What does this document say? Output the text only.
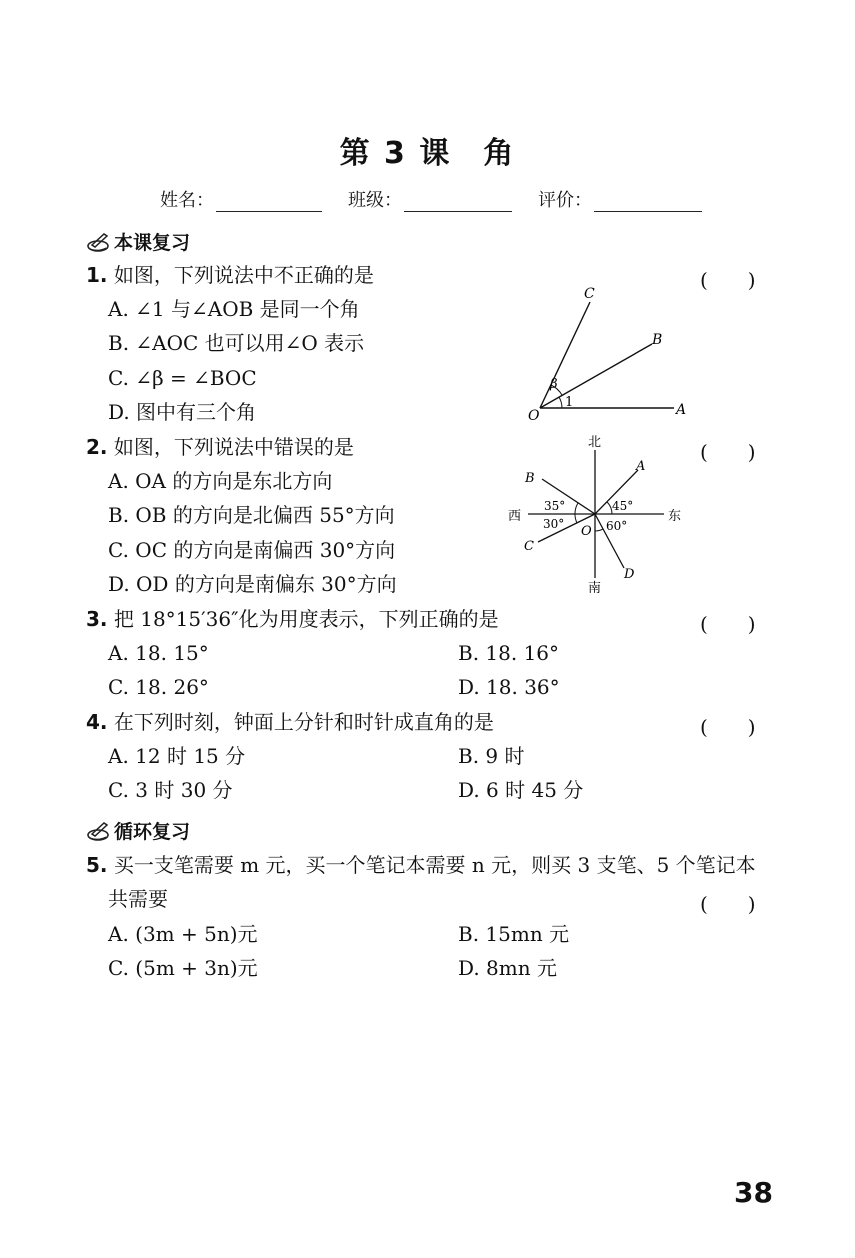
第 3 课　角
姓名：	班级：	评价：
本课复习
1. 如图，下列说法中不正确的是	(　　)
A. ∠1 与∠AOB 是同一个角
B. ∠AOC 也可以用∠O 表示
C. ∠β = ∠BOC
D. 图中有三个角
C
B
O	A
β
1
2. 如图，下列说法中错误的是	(　　)
A. OA 的方向是东北方向
B. OB 的方向是北偏西 55°方向
C. OC 的方向是南偏西 30°方向
D. OD 的方向是南偏东 30°方向
北
南
西	东
A
B
C
D
O
35°	45°
30°	60°
3. 把 18°15′36″化为用度表示，下列正确的是	(　　)
A. 18. 15°	B. 18. 16°
C. 18. 26°	D. 18. 36°
4. 在下列时刻，钟面上分针和时针成直角的是	(　　)
A. 12 时 15 分	B. 9 时
C. 3 时 30 分	D. 6 时 45 分
循环复习
5. 买一支笔需要 m 元，买一个笔记本需要 n 元，则买 3 支笔、5 个笔记本
共需要	(　　)
A. (3m + 5n)元	B. 15mn 元
C. (5m + 3n)元	D. 8mn 元
38
